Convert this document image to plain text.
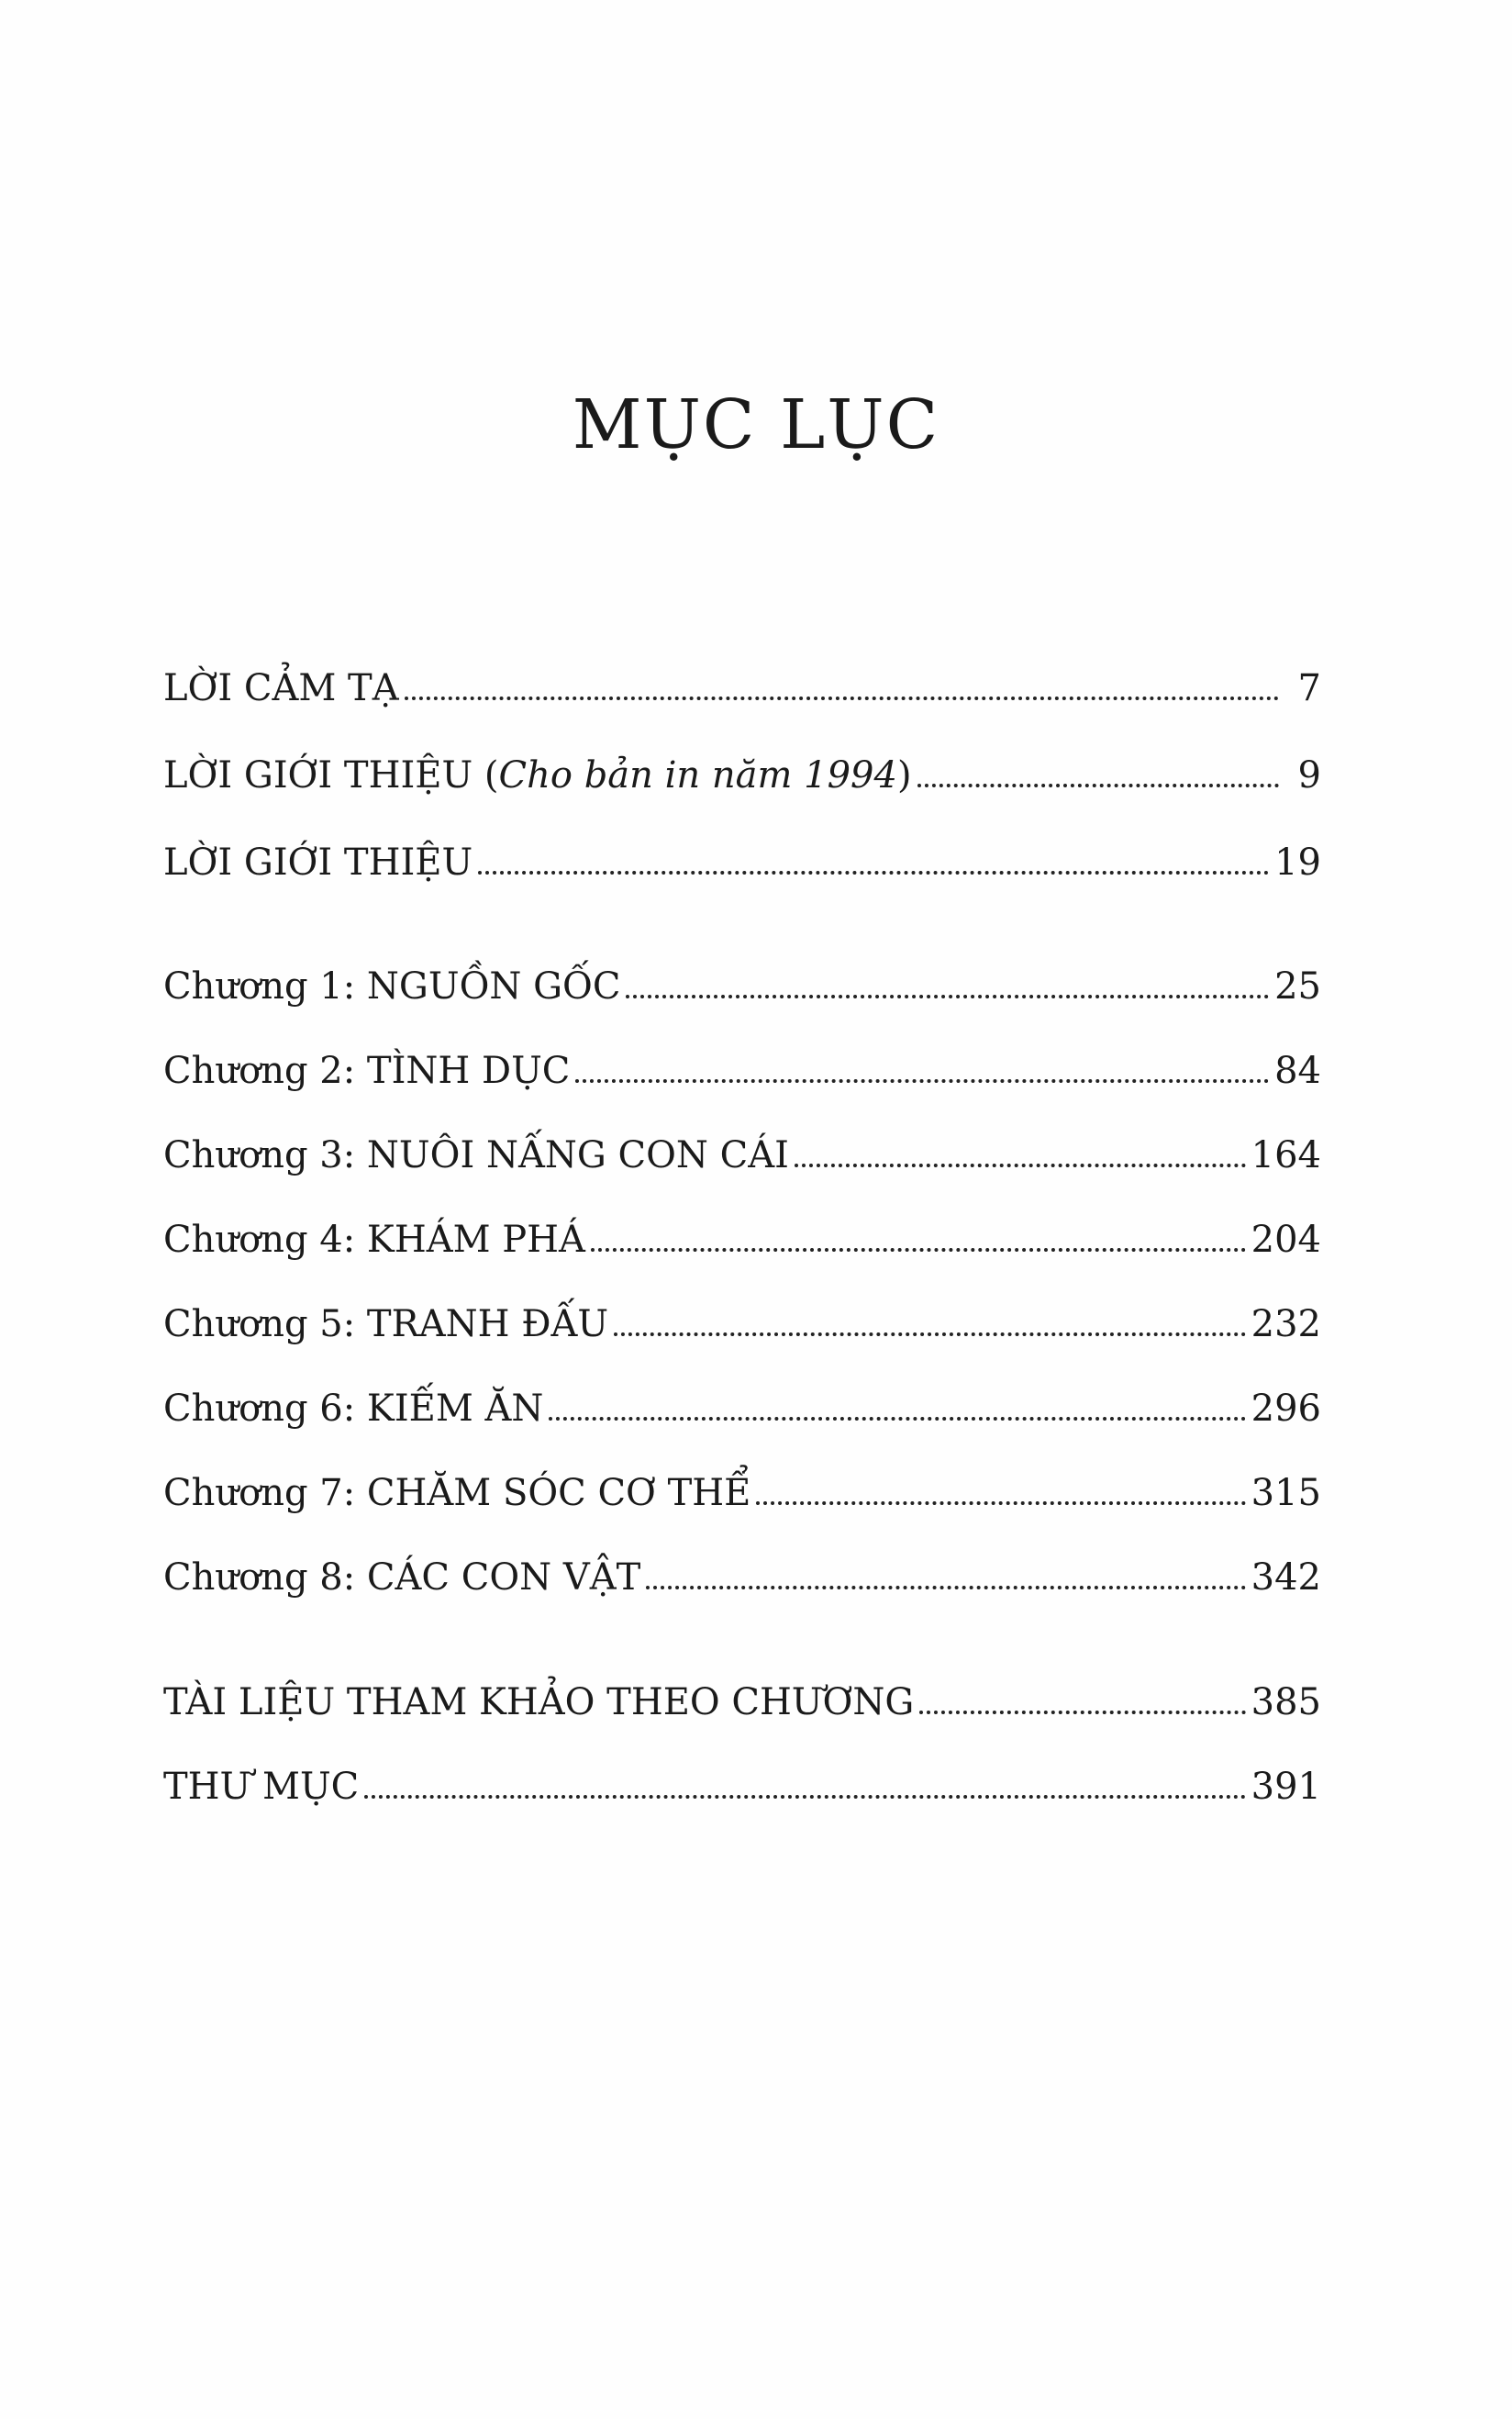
MỤC LỤC
LỜI CẢM TẠ	7
LỜI GIỚI THIỆU (Cho bản in năm 1994)	9
LỜI GIỚI THIỆU	19
Chương 1: NGUỒN GỐC	25
Chương 2: TÌNH DỤC	84
Chương 3: NUÔI NẤNG CON CÁI	164
Chương 4: KHÁM PHÁ	204
Chương 5: TRANH ĐẤU	232
Chương 6: KIẾM ĂN	296
Chương 7: CHĂM SÓC CƠ THỂ	315
Chương 8: CÁC CON VẬT	342
TÀI LIỆU THAM KHẢO THEO CHƯƠNG	385
THƯ MỤC	391
